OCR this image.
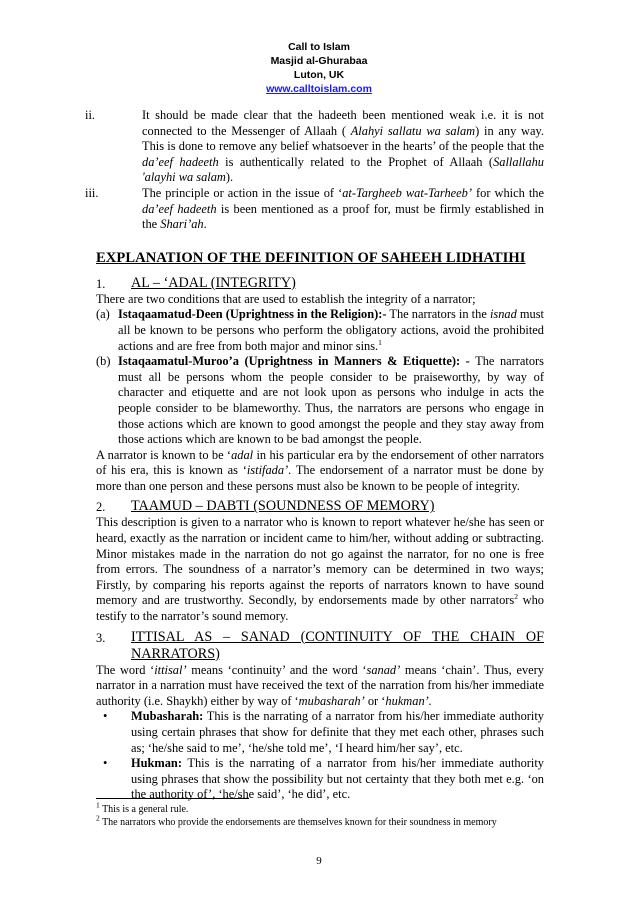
Call to Islam
Masjid al-Ghurabaa
Luton, UK
www.calltoislam.com

ii.	It should be made clear that the hadeeth been mentioned weak i.e. it is not connected to the Messenger of Allaah ( Alahyi sallatu wa salam) in any way. This is done to remove any belief whatsoever in the hearts’ of the people that the da’eef hadeeth is authentically related to the Prophet of Allaah (Sallallahu 'alayhi wa salam).

iii.	The principle or action in the issue of ‘at-Targheeb wat-Tarheeb’ for which the da’eef hadeeth is been mentioned as a proof for, must be firmly established in the Shari’ah.

EXPLANATION OF THE DEFINITION OF SAHEEH LIDHATIHI
1. AL – ‘ADAL (INTEGRITY)

There are two conditions that are used to establish the integrity of a narrator;

(a) Istaqaamatud-Deen (Uprightness in the Religion):- The narrators in the isnad must all be known to be persons who perform the obligatory actions, avoid the prohibited actions and are free from both major and minor sins.$^1$

(b) Istaqaamatul-Muroo’a (Uprightness in Manners & Etiquette): - The narrators must all be persons whom the people consider to be praiseworthy, by way of character and etiquette and are not look upon as persons who indulge in acts the people consider to be blameworthy. Thus, the narrators are persons who engage in those actions which are known to good amongst the people and they stay away from those actions which are known to be bad amongst the people.

A narrator is known to be ‘adal in his particular era by the endorsement of other narrators of his era, this is known as ‘istifada’. The endorsement of a narrator must be done by more than one person and these persons must also be known to be people of integrity.

2. TAAMUD – DABTI (SOUNDNESS OF MEMORY)

This description is given to a narrator who is known to report whatever he/she has seen or heard, exactly as the narration or incident came to him/her, without adding or subtracting. Minor mistakes made in the narration do not go against the narrator, for no one is free from errors. The soundness of a narrator’s memory can be determined in two ways; Firstly, by comparing his reports against the reports of narrators known to have sound memory and are trustworthy. Secondly, by endorsements made by other narrators$^2$ who testify to the narrator’s sound memory.

3. ITTISAL AS – SANAD (CONTINUITY OF THE CHAIN OF
NARRATORS)

The word ‘ittisal’ means ‘continuity’ and the word ‘sanad’ means ‘chain’. Thus, every narrator in a narration must have received the text of the narration from his/her immediate authority (i.e. Shaykh) either by way of ‘mubasharah’ or ‘hukman’.

• Mubasharah: This is the narrating of a narrator from his/her immediate authority using certain phrases that show for definite that they met each other, phrases such as; ‘he/she said to me’, ‘he/she told me’, ‘I heard him/her say’, etc.

• Hukman: This is the narrating of a narrator from his/her immediate authority using phrases that show the possibility but not certainty that they both met e.g. ‘on the authority of’, ‘he/she said’, ‘he did’, etc.

$^1$ This is a general rule.
$^2$ The narrators who provide the endorsements are themselves known for their soundness in memory
9
